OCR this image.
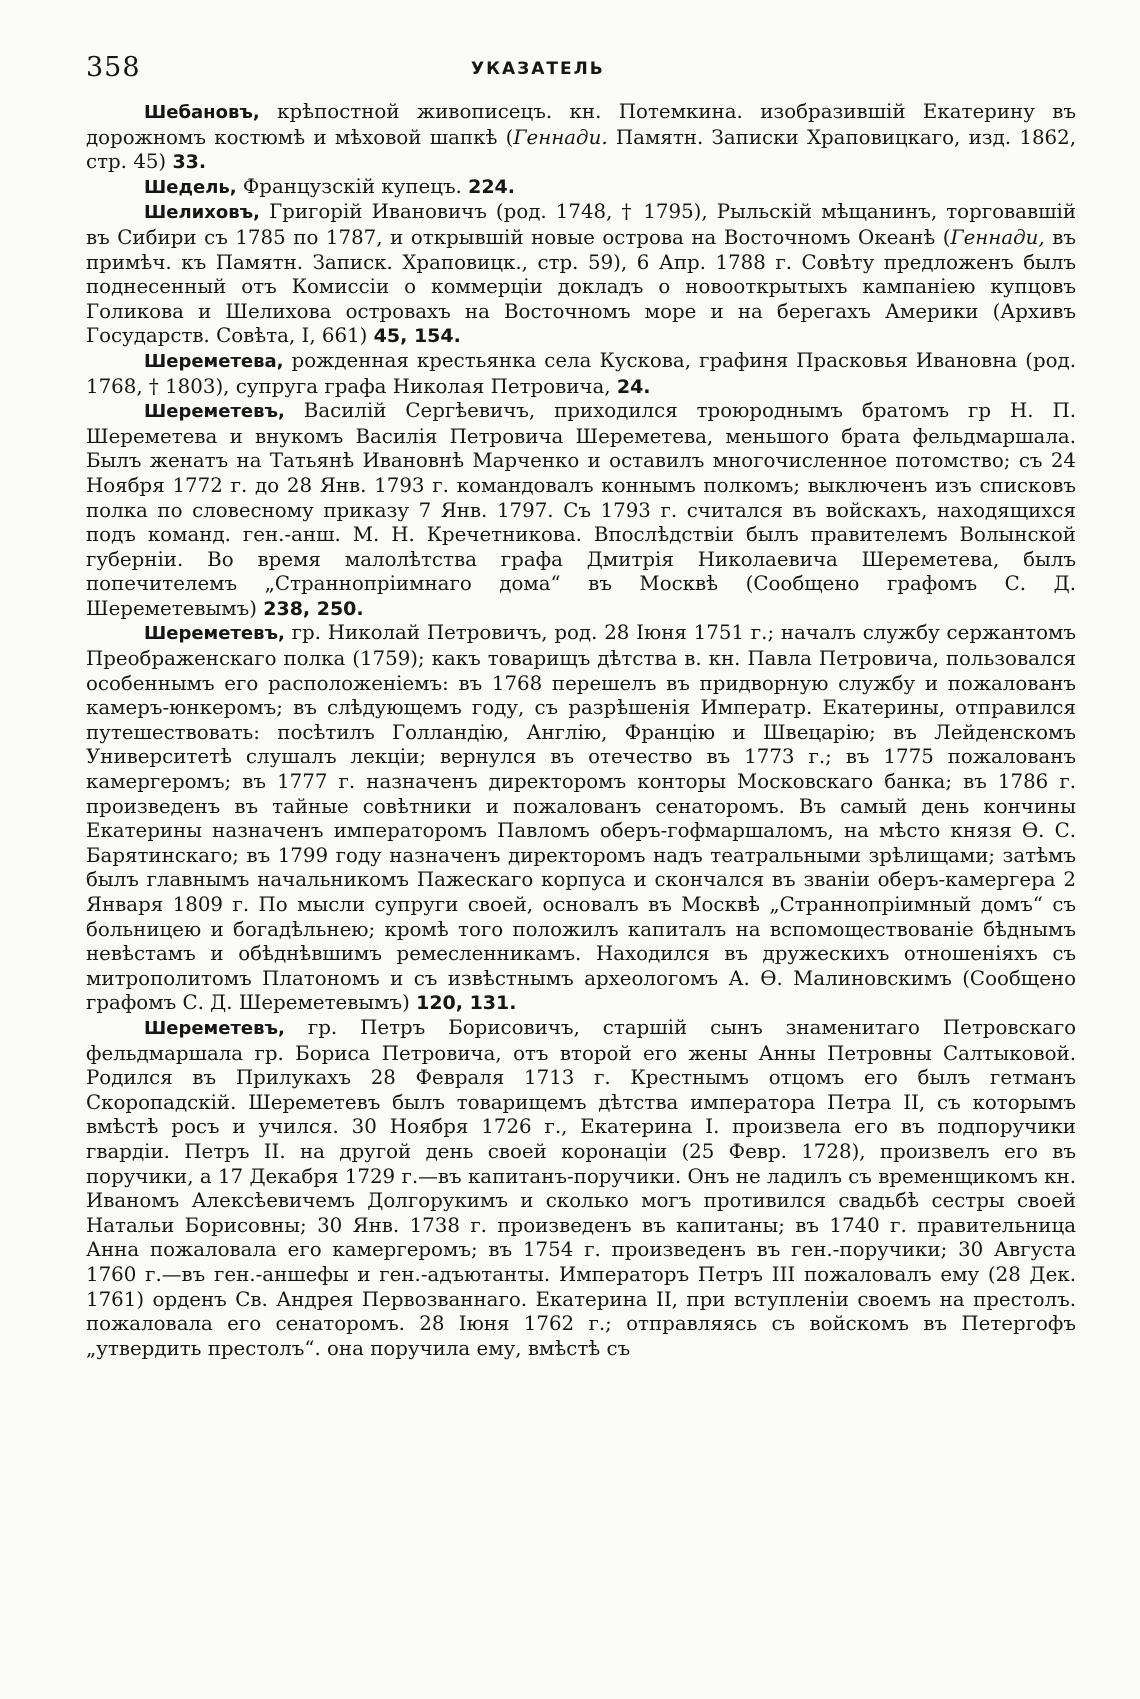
358	УКАЗАТЕЛЬ

Шебановъ, крѣпостной живописецъ. кн. Потемкина. изобразившій Екатерину въ дорожномъ костюмѣ и мѣховой шапкѣ (Геннади. Памятн. Записки Храповицкаго, изд. 1862, стр. 45) 33.

Шедель, Французскій купецъ. 224.

Шелиховъ, Григорій Ивановичъ (род. 1748, † 1795), Рыльскій мѣщанинъ, торговавшій въ Сибири съ 1785 по 1787, и открывшій новые острова на Восточномъ Океанѣ (Геннади, въ примѣч. къ Памятн. Запиcк. Храповицк., стр. 59), 6 Апр. 1788 г. Совѣту предложенъ былъ поднесенный отъ Комиссіи о коммерціи докладъ о новооткрытыхъ кампаніею купцовъ Голикова и Шелихова островахъ на Восточномъ море и на берегахъ Америки (Архивъ Государств. Совѣта, I, 661) 45, 154.

Шереметева, рожденная крестьянка села Кускова, графиня Прасковья Ивановна (род. 1768, † 1803), супруга графа Николая Петровича, 24.

Шереметевъ, Василій Сергѣевичъ, приходился троюроднымъ братомъ гр Н. П. Шереметева и внукомъ Василія Петровича Шереметева, меньшого брата фельдмаршала. Былъ женатъ на Татьянѣ Ивановнѣ Марченко и оставилъ многочисленное потомство; съ 24 Ноября 1772 г. до 28 Янв. 1793 г. командовалъ коннымъ полкомъ; выключенъ изъ списковъ полка по словесному приказу 7 Янв. 1797. Съ 1793 г. считался въ войскахъ, находящихся подъ команд. ген.-анш. М. Н. Кречетникова. Впослѣдствіи былъ правителемъ Волынской губерніи. Во время малолѣтства графа Дмитрія Николаевича Шереметева, былъ попечителемъ „Страннопріимнаго дома“ въ Москвѣ (Сообщено графомъ С. Д. Шереметевымъ) 238, 250.

Шереметевъ, гр. Николай Петровичъ, род. 28 Іюня 1751 г.; началъ службу сержантомъ Преображенскаго полка (1759); какъ товарищъ дѣтства в. кн. Павла Петровича, пользовался особеннымъ его расположеніемъ: въ 1768 перешелъ въ придворную службу и пожалованъ камеръ-юнкеромъ; въ слѣдующемъ году, съ разрѣшенія Императр. Екатерины, отправился путешествовать: посѣтилъ Голландію, Англію, Францію и Швецарію; въ Лейденскомъ Университетѣ слушалъ лекціи; вернулся въ отечество въ 1773 г.; въ 1775 пожалованъ камергеромъ; въ 1777 г. назначенъ директоромъ конторы Московскаго банка; въ 1786 г. произведенъ въ тайные совѣтники и пожалованъ сенаторомъ. Въ самый день кончины Екатерины назначенъ императоромъ Павломъ оберъ-гофмаршаломъ, на мѣсто князя Ѳ. С. Барятинскаго; въ 1799 году назначенъ директоромъ надъ театральными зрѣлищами; затѣмъ былъ главнымъ начальникомъ Пажескаго корпуса и скончался въ званіи оберъ-камергера 2 Января 1809 г. По мысли супруги своей, основалъ въ Москвѣ „Страннопріимный домъ“ съ больницею и богадѣльнею; кромѣ того положилъ капиталъ на вспомоществованіе бѣднымъ невѣстамъ и обѣднѣвшимъ ремесленникамъ. Находился въ дружескихъ отношеніяхъ съ митрополитомъ Платономъ и съ извѣстнымъ археологомъ А. Ѳ. Малиновскимъ (Сообщено графомъ С. Д. Шереметевымъ) 120, 131.

Шереметевъ, гр. Петръ Борисовичъ, старшій сынъ знаменитаго Петровскаго фельдмаршала гр. Бориса Петровича, отъ второй его жены Анны Петровны Салтыковой. Родился въ Прилукахъ 28 Февраля 1713 г. Крестнымъ отцомъ его былъ гетманъ Скоропадскій. Шереметевъ былъ товарищемъ дѣтства императора Петра II, съ которымъ вмѣстѣ росъ и учился. 30 Ноября 1726 г., Екатерина I. произвела его въ подпоручики гвардіи. Петръ II. на другой день своей коронаціи (25 Февр. 1728), произвелъ его въ поручики, а 17 Декабря 1729 г.—въ капитанъ-поручики. Онъ не ладилъ съ временщикомъ кн. Иваномъ Алексѣевичемъ Долгорукимъ и сколько могъ противился свадьбѣ сестры своей Натальи Борисовны; 30 Янв. 1738 г. произведенъ въ капитаны; въ 1740 г. правительница Анна пожаловала его камергеромъ; въ 1754 г. произведенъ въ ген.-поручики; 30 Августа 1760 г.—въ ген.-аншефы и ген.-адъютанты. Императоръ Петръ III пожаловалъ ему (28 Дек. 1761) орденъ Св. Андрея Первозваннаго. Екатерина II, при вступленіи своемъ на престолъ. пожаловала его сенаторомъ. 28 Іюня 1762 г.; отправляясь съ войскомъ въ Петергофъ „утвердить престолъ“. она поручила ему, вмѣстѣ съ
